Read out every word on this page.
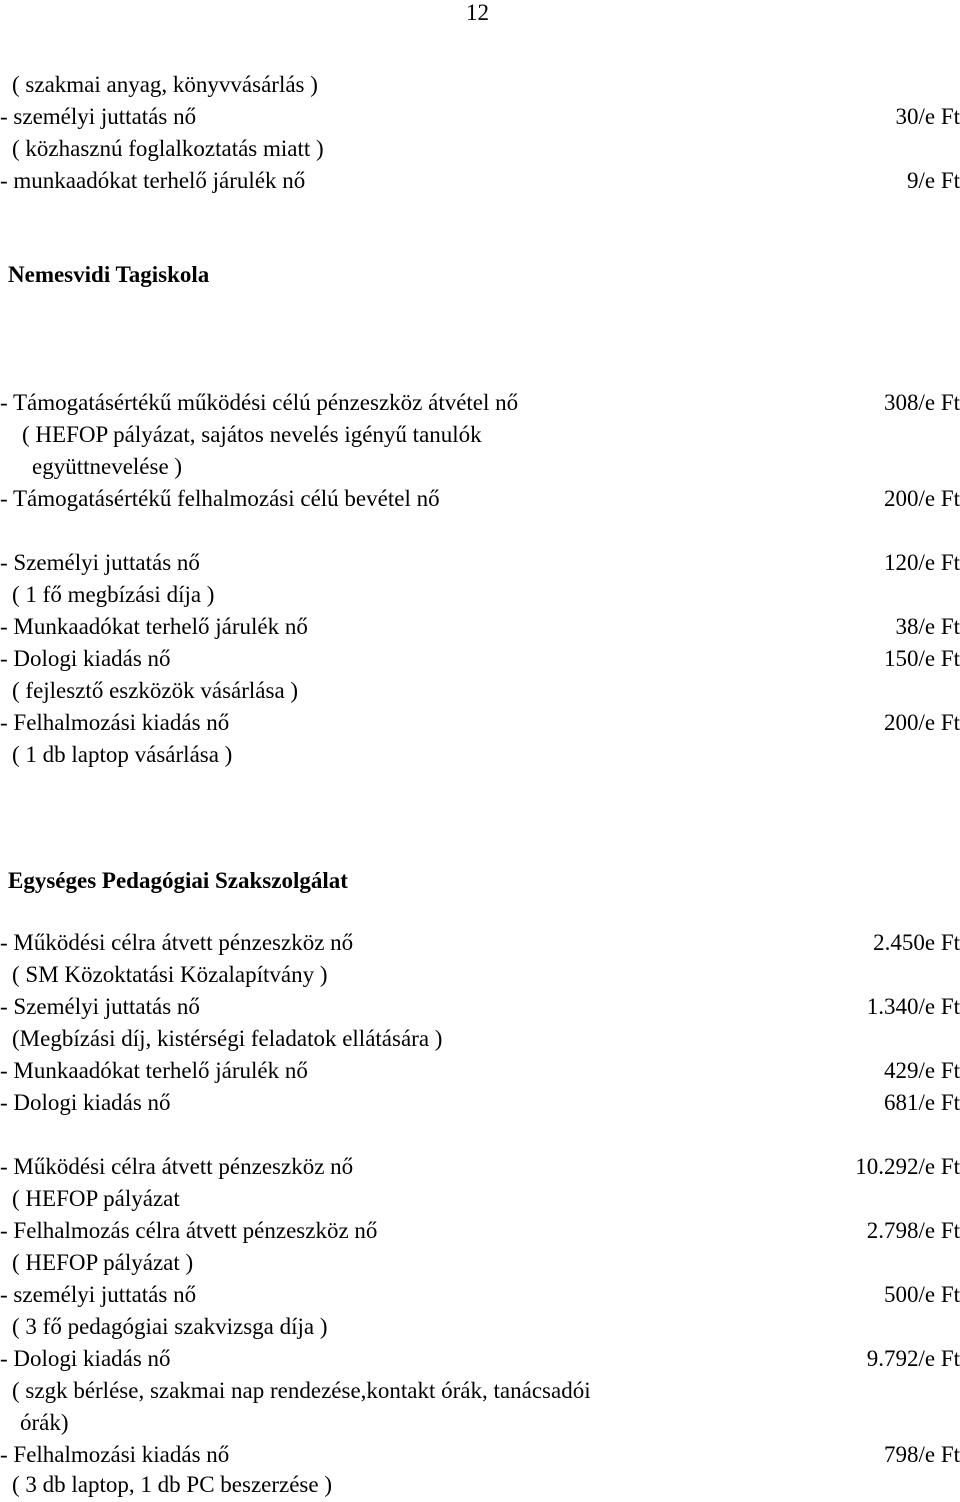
12
( szakmai anyag, könyvvásárlás )
- személyi juttatás nő	30/e Ft
( közhasznú foglalkoztatás miatt )
- munkaadókat terhelő járulék nő	9/e Ft
Nemesvidi Tagiskola
- Támogatásértékű működési célú pénzeszköz átvétel nő	308/e Ft
( HEFOP pályázat, sajátos nevelés igényű tanulók
együttnevelése )
- Támogatásértékű felhalmozási célú bevétel nő	200/e Ft
- Személyi juttatás nő	120/e Ft
( 1 fő megbízási díja )
- Munkaadókat terhelő járulék nő	38/e Ft
- Dologi kiadás nő	150/e Ft
( fejlesztő eszközök vásárlása )
- Felhalmozási kiadás nő	200/e Ft
( 1 db laptop vásárlása )
Egységes Pedagógiai Szakszolgálat
- Működési célra átvett pénzeszköz nő	2.450e Ft
( SM Közoktatási Közalapítvány )
- Személyi juttatás nő	1.340/e Ft
(Megbízási díj, kistérségi feladatok ellátására )
- Munkaadókat terhelő járulék nő	429/e Ft
- Dologi kiadás nő	681/e Ft
- Működési célra átvett pénzeszköz nő	10.292/e Ft
( HEFOP pályázat
- Felhalmozás célra átvett pénzeszköz nő	2.798/e Ft
( HEFOP pályázat )
- személyi juttatás nő	500/e Ft
( 3 fő pedagógiai szakvizsga díja )
- Dologi kiadás nő	9.792/e Ft
( szgk bérlése, szakmai nap rendezése,kontakt órák, tanácsadói
órák)
- Felhalmozási kiadás nő	798/e Ft
( 3 db laptop, 1 db PC beszerzése )
